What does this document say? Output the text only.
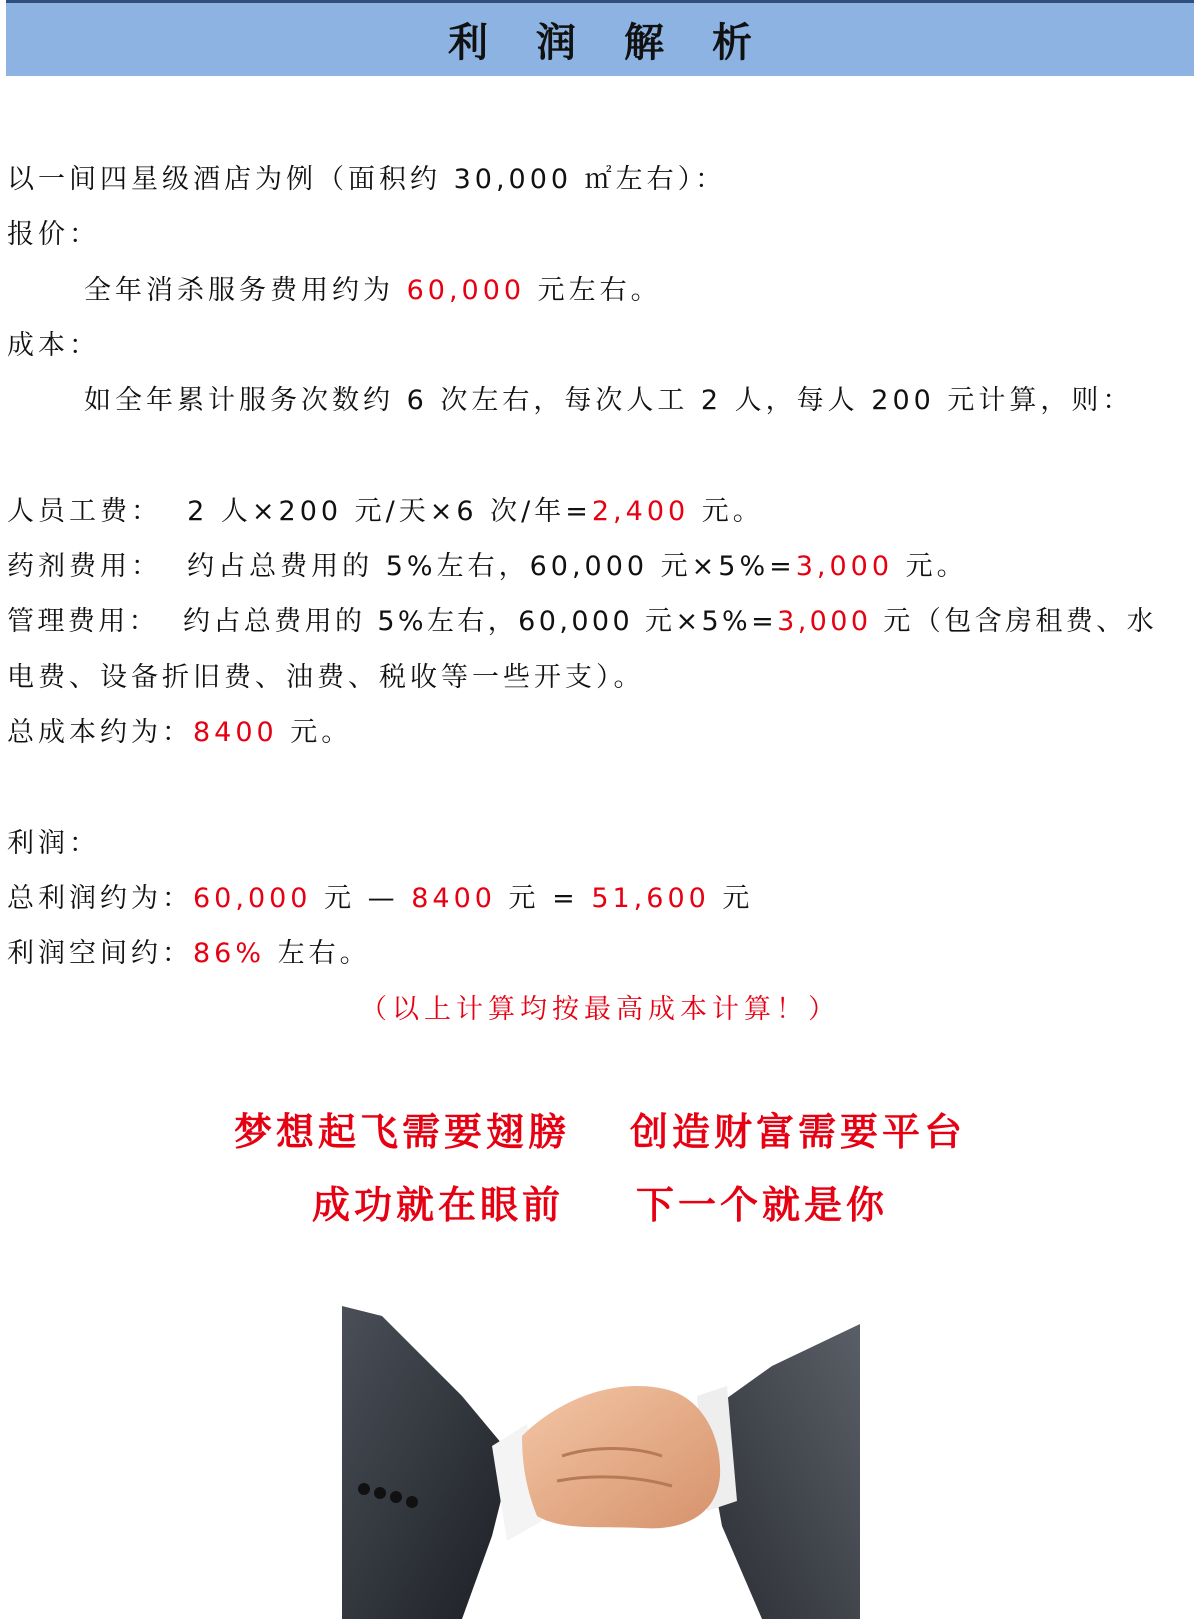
利润解析
以一间四星级酒店为例（面积约 30,000 ㎡左右）：
报价：
全年消杀服务费用约为 60,000 元左右。
成本：
如全年累计服务次数约 6 次左右，每次人工 2 人，每人 200 元计算，则：
人员工费： 2 人×200 元/天×6 次/年=2,400 元。
药剂费用： 约占总费用的 5%左右，60,000 元×5%=3,000 元。
管理费用： 约占总费用的 5%左右，60,000 元×5%=3,000 元（包含房租费、水
电费、设备折旧费、油费、税收等一些开支）。
总成本约为：8400 元。
利润：
总利润约为：60,000 元 — 8400 元 = 51,600 元
利润空间约：86% 左右。
（以上计算均按最高成本计算！）
梦想起飞需要翅膀 创造财富需要平台
成功就在眼前 下一个就是你
